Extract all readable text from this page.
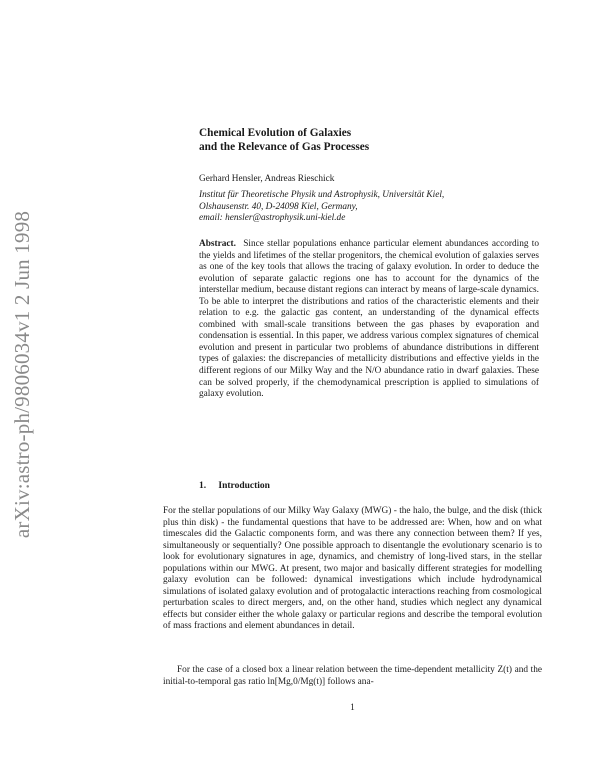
arXiv:astro-ph/9806034v1 2 Jun 1998
Chemical Evolution of Galaxies
and the Relevance of Gas Processes
Gerhard Hensler, Andreas Rieschick
Institut für Theoretische Physik und Astrophysik, Universität Kiel,
Olshausenstr. 40, D-24098 Kiel, Germany,
email: hensler@astrophysik.uni-kiel.de

Abstract. Since stellar populations enhance particular element abundances according to the yields and lifetimes of the stellar progenitors, the chemical evolution of galaxies serves as one of the key tools that allows the tracing of galaxy evolution. In order to deduce the evolution of separate galactic regions one has to account for the dynamics of the interstellar medium, because distant regions can interact by means of large-scale dynamics. To be able to interpret the distributions and ratios of the characteristic elements and their relation to e.g. the galactic gas content, an understanding of the dynamical effects combined with small-scale transitions between the gas phases by evaporation and condensation is essential. In this paper, we address various complex signatures of chemical evolution and present in particular two problems of abundance distributions in different types of galaxies: the discrepancies of metallicity distributions and effective yields in the different regions of our Milky Way and the N/O abundance ratio in dwarf galaxies. These can be solved properly, if the chemodynamical prescription is applied to simulations of galaxy evolution.

1. Introduction

For the stellar populations of our Milky Way Galaxy (MWG) - the halo, the bulge, and the disk (thick plus thin disk) - the fundamental questions that have to be addressed are: When, how and on what timescales did the Galactic components form, and was there any connection between them? If yes, simultaneously or sequentially? One possible approach to disentangle the evolutionary scenario is to look for evolutionary signatures in age, dynamics, and chemistry of long-lived stars, in the stellar populations within our MWG. At present, two major and basically different strategies for modelling galaxy evolution can be followed: dynamical investigations which include hydrodynamical simulations of isolated galaxy evolution and of protogalactic interactions reaching from cosmological perturbation scales to direct mergers, and, on the other hand, studies which neglect any dynamical effects but consider either the whole galaxy or particular regions and describe the temporal evolution of mass fractions and element abundances in detail.

For the case of a closed box a linear relation between the time-dependent metallicity Z(t) and the initial-to-temporal gas ratio ln[Mg,0/Mg(t)] follows ana-

1
